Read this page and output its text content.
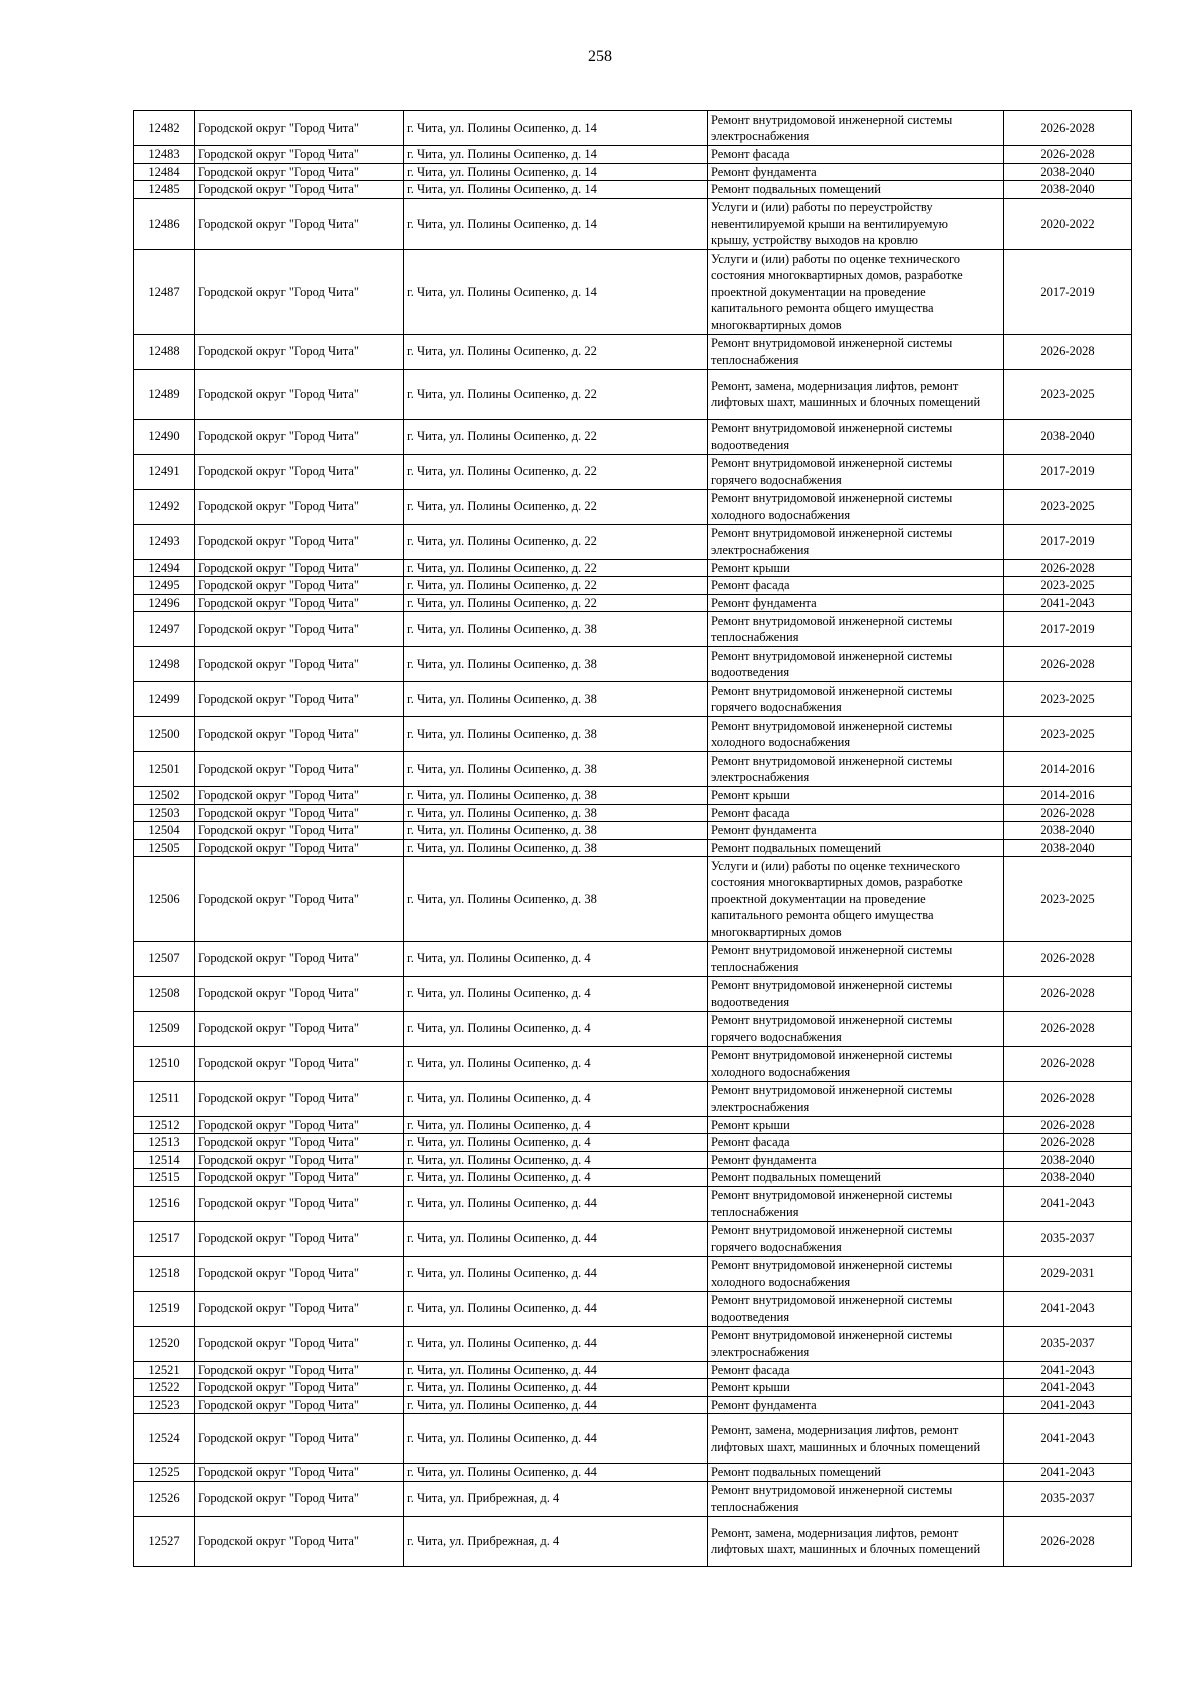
258
12482	Городской округ "Город Чита"	г. Чита, ул. Полины Осипенко, д. 14	Ремонт внутридомовой инженерной системы
электроснабжения	2026-2028
12483	Городской округ "Город Чита"	г. Чита, ул. Полины Осипенко, д. 14	Ремонт фасада	2026-2028
12484	Городской округ "Город Чита"	г. Чита, ул. Полины Осипенко, д. 14	Ремонт фундамента	2038-2040
12485	Городской округ "Город Чита"	г. Чита, ул. Полины Осипенко, д. 14	Ремонт подвальных помещений	2038-2040
12486	Городской округ "Город Чита"	г. Чита, ул. Полины Осипенко, д. 14	Услуги и (или) работы по переустройству
невентилируемой крыши на вентилируемую
крышу, устройству выходов на кровлю	2020-2022
12487	Городской округ "Город Чита"	г. Чита, ул. Полины Осипенко, д. 14	Услуги и (или) работы по оценке технического
состояния многоквартирных домов, разработке
проектной документации на проведение
капитального ремонта общего имущества
многоквартирных домов	2017-2019
12488	Городской округ "Город Чита"	г. Чита, ул. Полины Осипенко, д. 22	Ремонт внутридомовой инженерной системы
теплоснабжения	2026-2028
12489	Городской округ "Город Чита"	г. Чита, ул. Полины Осипенко, д. 22	Ремонт, замена, модернизация лифтов, ремонт
лифтовых шахт, машинных и блочных помещений	2023-2025
12490	Городской округ "Город Чита"	г. Чита, ул. Полины Осипенко, д. 22	Ремонт внутридомовой инженерной системы
водоотведения	2038-2040
12491	Городской округ "Город Чита"	г. Чита, ул. Полины Осипенко, д. 22	Ремонт внутридомовой инженерной системы
горячего водоснабжения	2017-2019
12492	Городской округ "Город Чита"	г. Чита, ул. Полины Осипенко, д. 22	Ремонт внутридомовой инженерной системы
холодного водоснабжения	2023-2025
12493	Городской округ "Город Чита"	г. Чита, ул. Полины Осипенко, д. 22	Ремонт внутридомовой инженерной системы
электроснабжения	2017-2019
12494	Городской округ "Город Чита"	г. Чита, ул. Полины Осипенко, д. 22	Ремонт крыши	2026-2028
12495	Городской округ "Город Чита"	г. Чита, ул. Полины Осипенко, д. 22	Ремонт фасада	2023-2025
12496	Городской округ "Город Чита"	г. Чита, ул. Полины Осипенко, д. 22	Ремонт фундамента	2041-2043
12497	Городской округ "Город Чита"	г. Чита, ул. Полины Осипенко, д. 38	Ремонт внутридомовой инженерной системы
теплоснабжения	2017-2019
12498	Городской округ "Город Чита"	г. Чита, ул. Полины Осипенко, д. 38	Ремонт внутридомовой инженерной системы
водоотведения	2026-2028
12499	Городской округ "Город Чита"	г. Чита, ул. Полины Осипенко, д. 38	Ремонт внутридомовой инженерной системы
горячего водоснабжения	2023-2025
12500	Городской округ "Город Чита"	г. Чита, ул. Полины Осипенко, д. 38	Ремонт внутридомовой инженерной системы
холодного водоснабжения	2023-2025
12501	Городской округ "Город Чита"	г. Чита, ул. Полины Осипенко, д. 38	Ремонт внутридомовой инженерной системы
электроснабжения	2014-2016
12502	Городской округ "Город Чита"	г. Чита, ул. Полины Осипенко, д. 38	Ремонт крыши	2014-2016
12503	Городской округ "Город Чита"	г. Чита, ул. Полины Осипенко, д. 38	Ремонт фасада	2026-2028
12504	Городской округ "Город Чита"	г. Чита, ул. Полины Осипенко, д. 38	Ремонт фундамента	2038-2040
12505	Городской округ "Город Чита"	г. Чита, ул. Полины Осипенко, д. 38	Ремонт подвальных помещений	2038-2040
12506	Городской округ "Город Чита"	г. Чита, ул. Полины Осипенко, д. 38	Услуги и (или) работы по оценке технического
состояния многоквартирных домов, разработке
проектной документации на проведение
капитального ремонта общего имущества
многоквартирных домов	2023-2025
12507	Городской округ "Город Чита"	г. Чита, ул. Полины Осипенко, д. 4	Ремонт внутридомовой инженерной системы
теплоснабжения	2026-2028
12508	Городской округ "Город Чита"	г. Чита, ул. Полины Осипенко, д. 4	Ремонт внутридомовой инженерной системы
водоотведения	2026-2028
12509	Городской округ "Город Чита"	г. Чита, ул. Полины Осипенко, д. 4	Ремонт внутридомовой инженерной системы
горячего водоснабжения	2026-2028
12510	Городской округ "Город Чита"	г. Чита, ул. Полины Осипенко, д. 4	Ремонт внутридомовой инженерной системы
холодного водоснабжения	2026-2028
12511	Городской округ "Город Чита"	г. Чита, ул. Полины Осипенко, д. 4	Ремонт внутридомовой инженерной системы
электроснабжения	2026-2028
12512	Городской округ "Город Чита"	г. Чита, ул. Полины Осипенко, д. 4	Ремонт крыши	2026-2028
12513	Городской округ "Город Чита"	г. Чита, ул. Полины Осипенко, д. 4	Ремонт фасада	2026-2028
12514	Городской округ "Город Чита"	г. Чита, ул. Полины Осипенко, д. 4	Ремонт фундамента	2038-2040
12515	Городской округ "Город Чита"	г. Чита, ул. Полины Осипенко, д. 4	Ремонт подвальных помещений	2038-2040
12516	Городской округ "Город Чита"	г. Чита, ул. Полины Осипенко, д. 44	Ремонт внутридомовой инженерной системы
теплоснабжения	2041-2043
12517	Городской округ "Город Чита"	г. Чита, ул. Полины Осипенко, д. 44	Ремонт внутридомовой инженерной системы
горячего водоснабжения	2035-2037
12518	Городской округ "Город Чита"	г. Чита, ул. Полины Осипенко, д. 44	Ремонт внутридомовой инженерной системы
холодного водоснабжения	2029-2031
12519	Городской округ "Город Чита"	г. Чита, ул. Полины Осипенко, д. 44	Ремонт внутридомовой инженерной системы
водоотведения	2041-2043
12520	Городской округ "Город Чита"	г. Чита, ул. Полины Осипенко, д. 44	Ремонт внутридомовой инженерной системы
электроснабжения	2035-2037
12521	Городской округ "Город Чита"	г. Чита, ул. Полины Осипенко, д. 44	Ремонт фасада	2041-2043
12522	Городской округ "Город Чита"	г. Чита, ул. Полины Осипенко, д. 44	Ремонт крыши	2041-2043
12523	Городской округ "Город Чита"	г. Чита, ул. Полины Осипенко, д. 44	Ремонт фундамента	2041-2043
12524	Городской округ "Город Чита"	г. Чита, ул. Полины Осипенко, д. 44	Ремонт, замена, модернизация лифтов, ремонт
лифтовых шахт, машинных и блочных помещений	2041-2043
12525	Городской округ "Город Чита"	г. Чита, ул. Полины Осипенко, д. 44	Ремонт подвальных помещений	2041-2043
12526	Городской округ "Город Чита"	г. Чита, ул. Прибрежная, д. 4	Ремонт внутридомовой инженерной системы
теплоснабжения	2035-2037
12527	Городской округ "Город Чита"	г. Чита, ул. Прибрежная, д. 4	Ремонт, замена, модернизация лифтов, ремонт
лифтовых шахт, машинных и блочных помещений	2026-2028
